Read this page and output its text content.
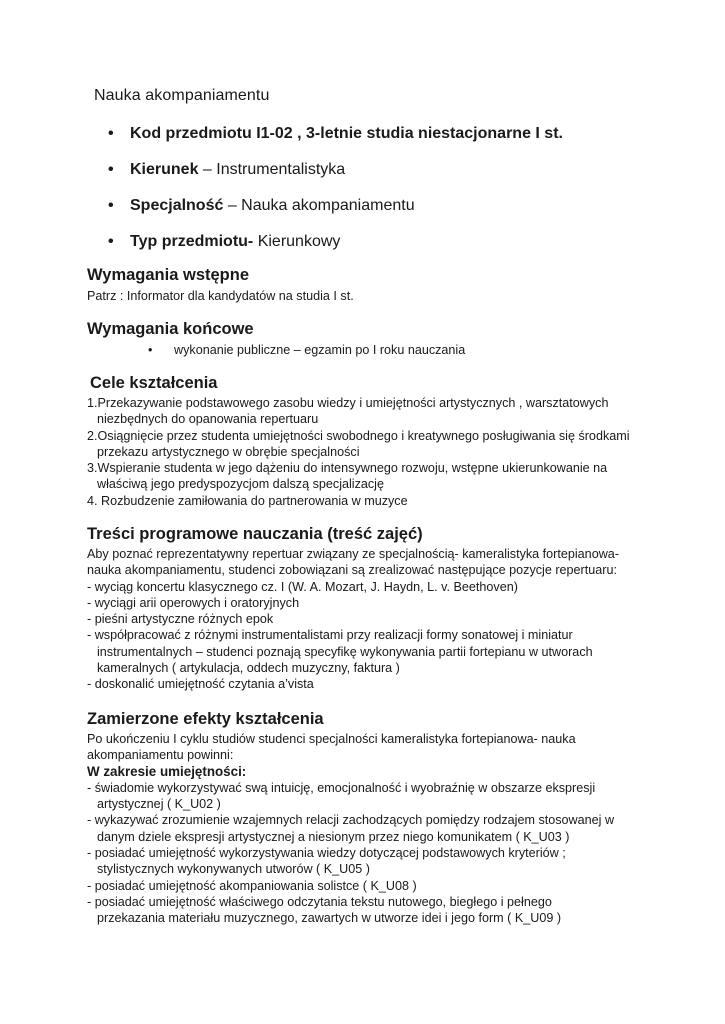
Nauka akompaniamentu
• Kod przedmiotu I1-02 , 3-letnie studia niestacjonarne I st.
• Kierunek – Instrumentalistyka
• Specjalność – Nauka akompaniamentu
• Typ przedmiotu- Kierunkowy
Wymagania wstępne
Patrz : Informator dla kandydatów na studia I st.
Wymagania końcowe
• wykonanie publiczne – egzamin po I roku nauczania
Cele kształcenia
1.Przekazywanie podstawowego zasobu wiedzy i umiejętności artystycznych , warsztatowych
niezbędnych do opanowania repertuaru
2.Osiągnięcie przez studenta umiejętności swobodnego i kreatywnego posługiwania się środkami
przekazu artystycznego w obrębie specjalności
3.Wspieranie studenta w jego dążeniu do intensywnego rozwoju, wstępne ukierunkowanie na
właściwą jego predyspozycjom dalszą specjalizację
4. Rozbudzenie zamiłowania do partnerowania w muzyce
Treści programowe nauczania (treść zajęć)
Aby poznać reprezentatywny repertuar związany ze specjalnością- kameralistyka fortepianowa-
nauka akompaniamentu, studenci zobowiązani są zrealizować następujące pozycje repertuaru:
- wyciąg koncertu klasycznego cz. I (W. A. Mozart, J. Haydn, L. v. Beethoven)
- wyciągi arii operowych i oratoryjnych
- pieśni artystyczne różnych epok
- współpracować z różnymi instrumentalistami przy realizacji formy sonatowej i miniatur
instrumentalnych – studenci poznają specyfikę wykonywania partii fortepianu w utworach
kameralnych ( artykulacja, oddech muzyczny, faktura )
- doskonalić umiejętność czytania a’vista
Zamierzone efekty kształcenia
Po ukończeniu I cyklu studiów studenci specjalności kameralistyka fortepianowa- nauka
akompaniamentu powinni:
W zakresie umiejętności:
- świadomie wykorzystywać swą intuicję, emocjonalność i wyobraźnię w obszarze ekspresji
artystycznej ( K_U02 )
- wykazywać zrozumienie wzajemnych relacji zachodzących pomiędzy rodzajem stosowanej w
danym dziele ekspresji artystycznej a niesionym przez niego komunikatem ( K_U03 )
- posiadać umiejętność wykorzystywania wiedzy dotyczącej podstawowych kryteriów ;
stylistycznych wykonywanych utworów ( K_U05 )
- posiadać umiejętność akompaniowania solistce ( K_U08 )
- posiadać umiejętność właściwego odczytania tekstu nutowego, biegłego i pełnego
przekazania materiału muzycznego, zawartych w utworze idei i jego form ( K_U09 )
